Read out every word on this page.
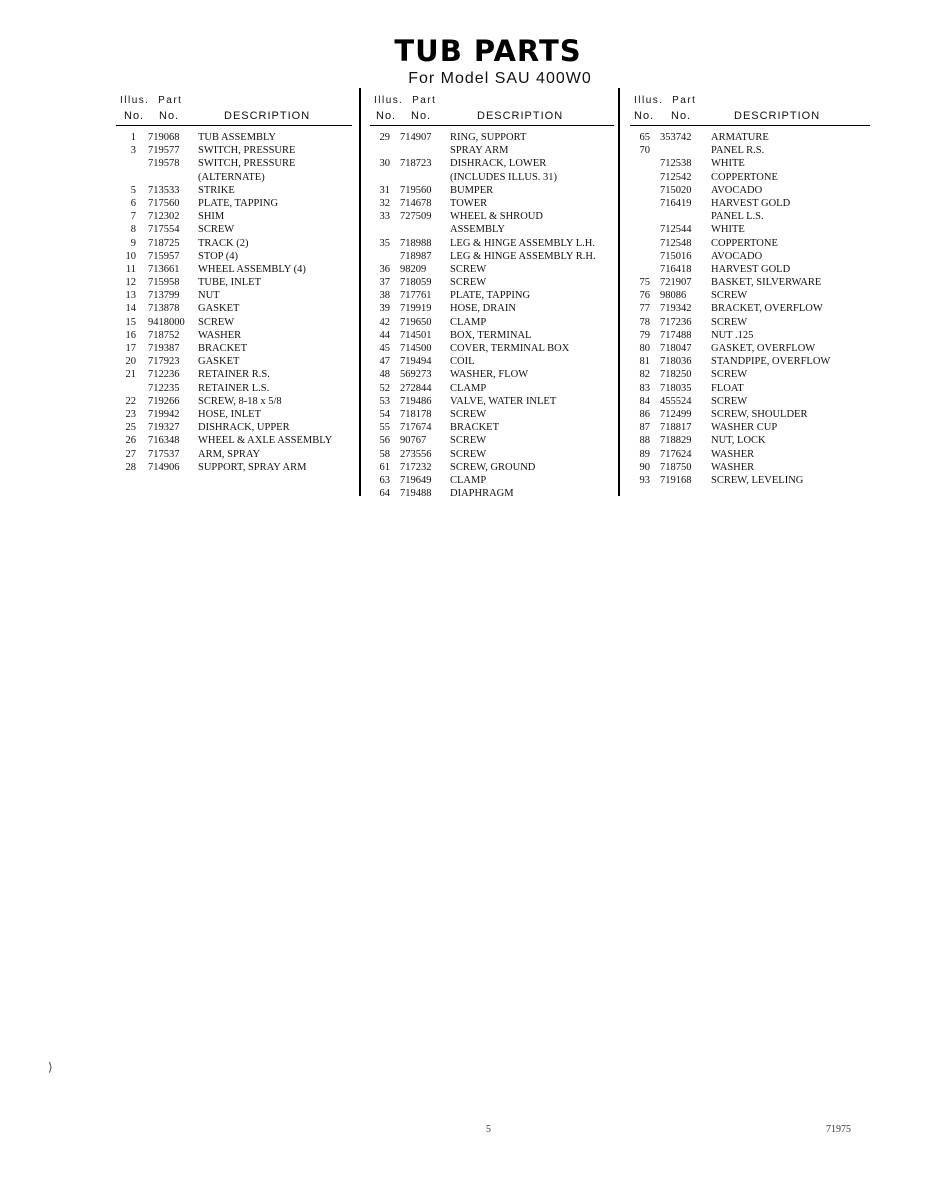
TUB PARTS
For Model SAU 400W0
Illus. Part
No. No.	DESCRIPTION
1 719068 TUB ASSEMBLY
3 719577 SWITCH, PRESSURE
719578 SWITCH, PRESSURE
(ALTERNATE)
5 713533 STRIKE
6 717560 PLATE, TAPPING
7 712302 SHIM
8 717554 SCREW
9 718725 TRACK (2)
10 715957 STOP (4)
11 713661 WHEEL ASSEMBLY (4)
12 715958 TUBE, INLET
13 713799 NUT
14 713878 GASKET
15 9418000 SCREW
16 718752 WASHER
17 719387 BRACKET
20 717923 GASKET
21 712236 RETAINER R.S.
712235 RETAINER L.S.
22 719266 SCREW, 8-18 x 5/8
23 719942 HOSE, INLET
25 719327 DISHRACK, UPPER
26 716348 WHEEL & AXLE ASSEMBLY
27 717537 ARM, SPRAY
28 714906 SUPPORT, SPRAY ARM
Illus. Part
No. No.	DESCRIPTION
29 714907 RING, SUPPORT
SPRAY ARM
30 718723 DISHRACK, LOWER
(INCLUDES ILLUS. 31)
31 719560 BUMPER
32 714678 TOWER
33 727509 WHEEL & SHROUD
ASSEMBLY
35 718988 LEG & HINGE ASSEMBLY L.H.
718987 LEG & HINGE ASSEMBLY R.H.
36 98209 SCREW
37 718059 SCREW
38 717761 PLATE, TAPPING
39 719919 HOSE, DRAIN
42 719650 CLAMP
44 714501 BOX, TERMINAL
45 714500 COVER, TERMINAL BOX
47 719494 COIL
48 569273 WASHER, FLOW
52 272844 CLAMP
53 719486 VALVE, WATER INLET
54 718178 SCREW
55 717674 BRACKET
56 90767 SCREW
58 273556 SCREW
61 717232 SCREW, GROUND
63 719649 CLAMP
64 719488 DIAPHRAGM
Illus. Part
No. No.	DESCRIPTION
65 353742 ARMATURE
70	PANEL R.S.
712538 WHITE
712542 COPPERTONE
715020 AVOCADO
716419 HARVEST GOLD
PANEL L.S.
712544 WHITE
712548 COPPERTONE
715016 AVOCADO
716418 HARVEST GOLD
75 721907 BASKET, SILVERWARE
76 98086 SCREW
77 719342 BRACKET, OVERFLOW
78 717236 SCREW
79 717488 NUT .125
80 718047 GASKET, OVERFLOW
81 718036 STANDPIPE, OVERFLOW
82 718250 SCREW
83 718035 FLOAT
84 455524 SCREW
86 712499 SCREW, SHOULDER
87 718817 WASHER CUP
88 718829 NUT, LOCK
89 717624 WASHER
90 718750 WASHER
93 719168 SCREW, LEVELING
⟩
5	71975
